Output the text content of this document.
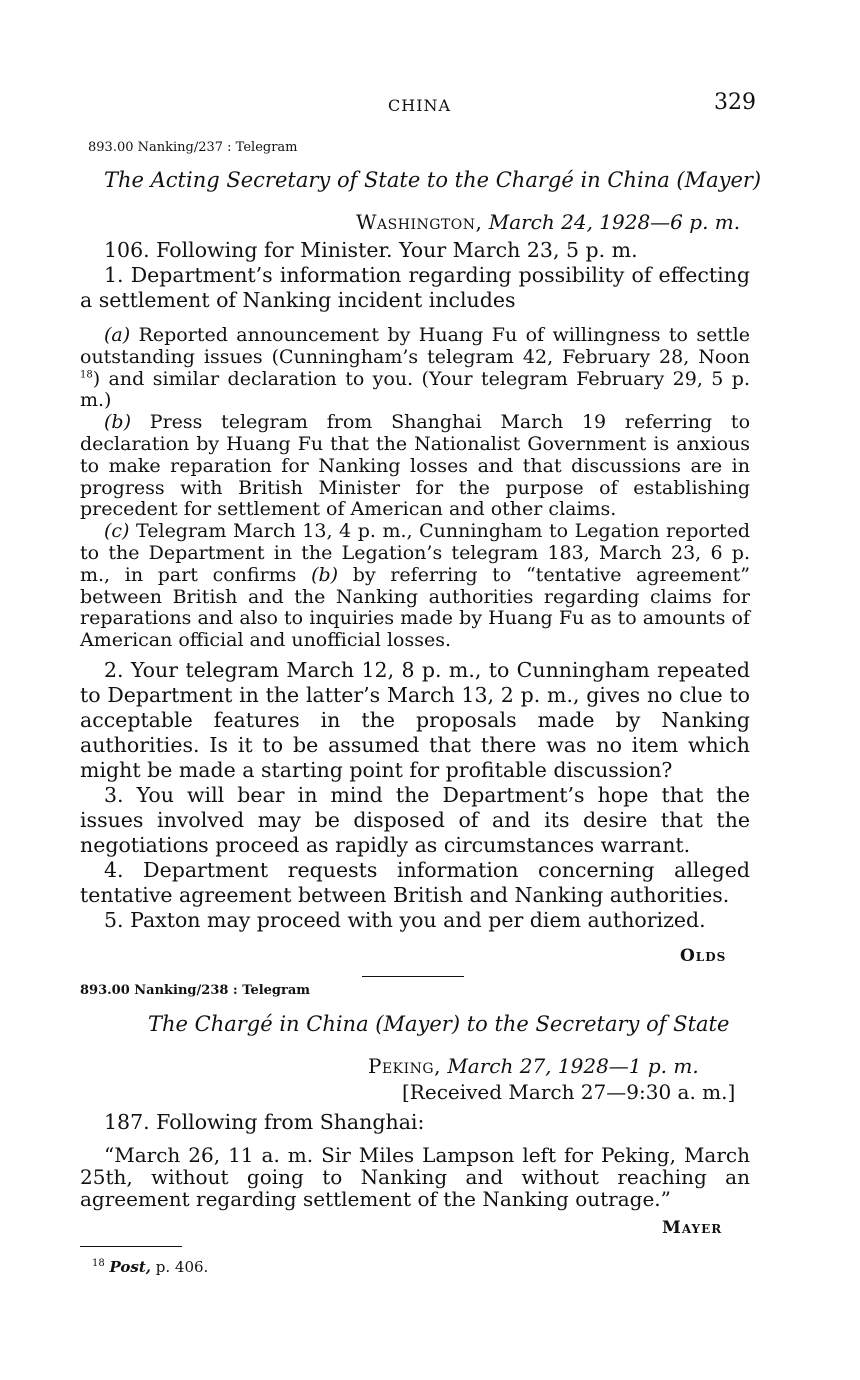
CHINA	329
893.00 Nanking/237 : Telegram
The Acting Secretary of State to the Chargé in China (Mayer)
Washington, March 24, 1928—6 p. m.

106. Following for Minister. Your March 23, 5 p. m.

1. Department’s information regarding possibility of effecting a settlement of Nanking incident includes

(a) Reported announcement by Huang Fu of willingness to settle outstanding issues (Cunningham’s telegram 42, February 28, Noon $^{18}$) and similar declaration to you. (Your telegram February 29, 5 p. m.)

(b) Press telegram from Shanghai March 19 referring to declaration by Huang Fu that the Nationalist Government is anxious to make reparation for Nanking losses and that discussions are in progress with British Minister for the purpose of establishing precedent for settlement of American and other claims.

(c) Telegram March 13, 4 p. m., Cunningham to Legation reported to the Department in the Legation’s telegram 183, March 23, 6 p. m., in part confirms (b) by referring to “tentative agreement” between British and the Nanking authorities regarding claims for reparations and also to inquiries made by Huang Fu as to amounts of American official and unofficial losses.

2. Your telegram March 12, 8 p. m., to Cunningham repeated to Department in the latter’s March 13, 2 p. m., gives no clue to acceptable features in the proposals made by Nanking authorities. Is it to be assumed that there was no item which might be made a starting point for profitable discussion?

3. You will bear in mind the Department’s hope that the issues involved may be disposed of and its desire that the negotiations proceed as rapidly as circumstances warrant.

4. Department requests information concerning alleged tentative agreement between British and Nanking authorities.

5. Paxton may proceed with you and per diem authorized.

Olds
893.00 Nanking/238 : Telegram
The Chargé in China (Mayer) to the Secretary of State
Peking, March 27, 1928—1 p. m.
[Received March 27—9:30 a. m.]

187. Following from Shanghai:

“March 26, 11 a. m. Sir Miles Lampson left for Peking, March 25th, without going to Nanking and without reaching an agreement regarding settlement of the Nanking outrage.”

Mayer
$^{18}$ Post, p. 406.
